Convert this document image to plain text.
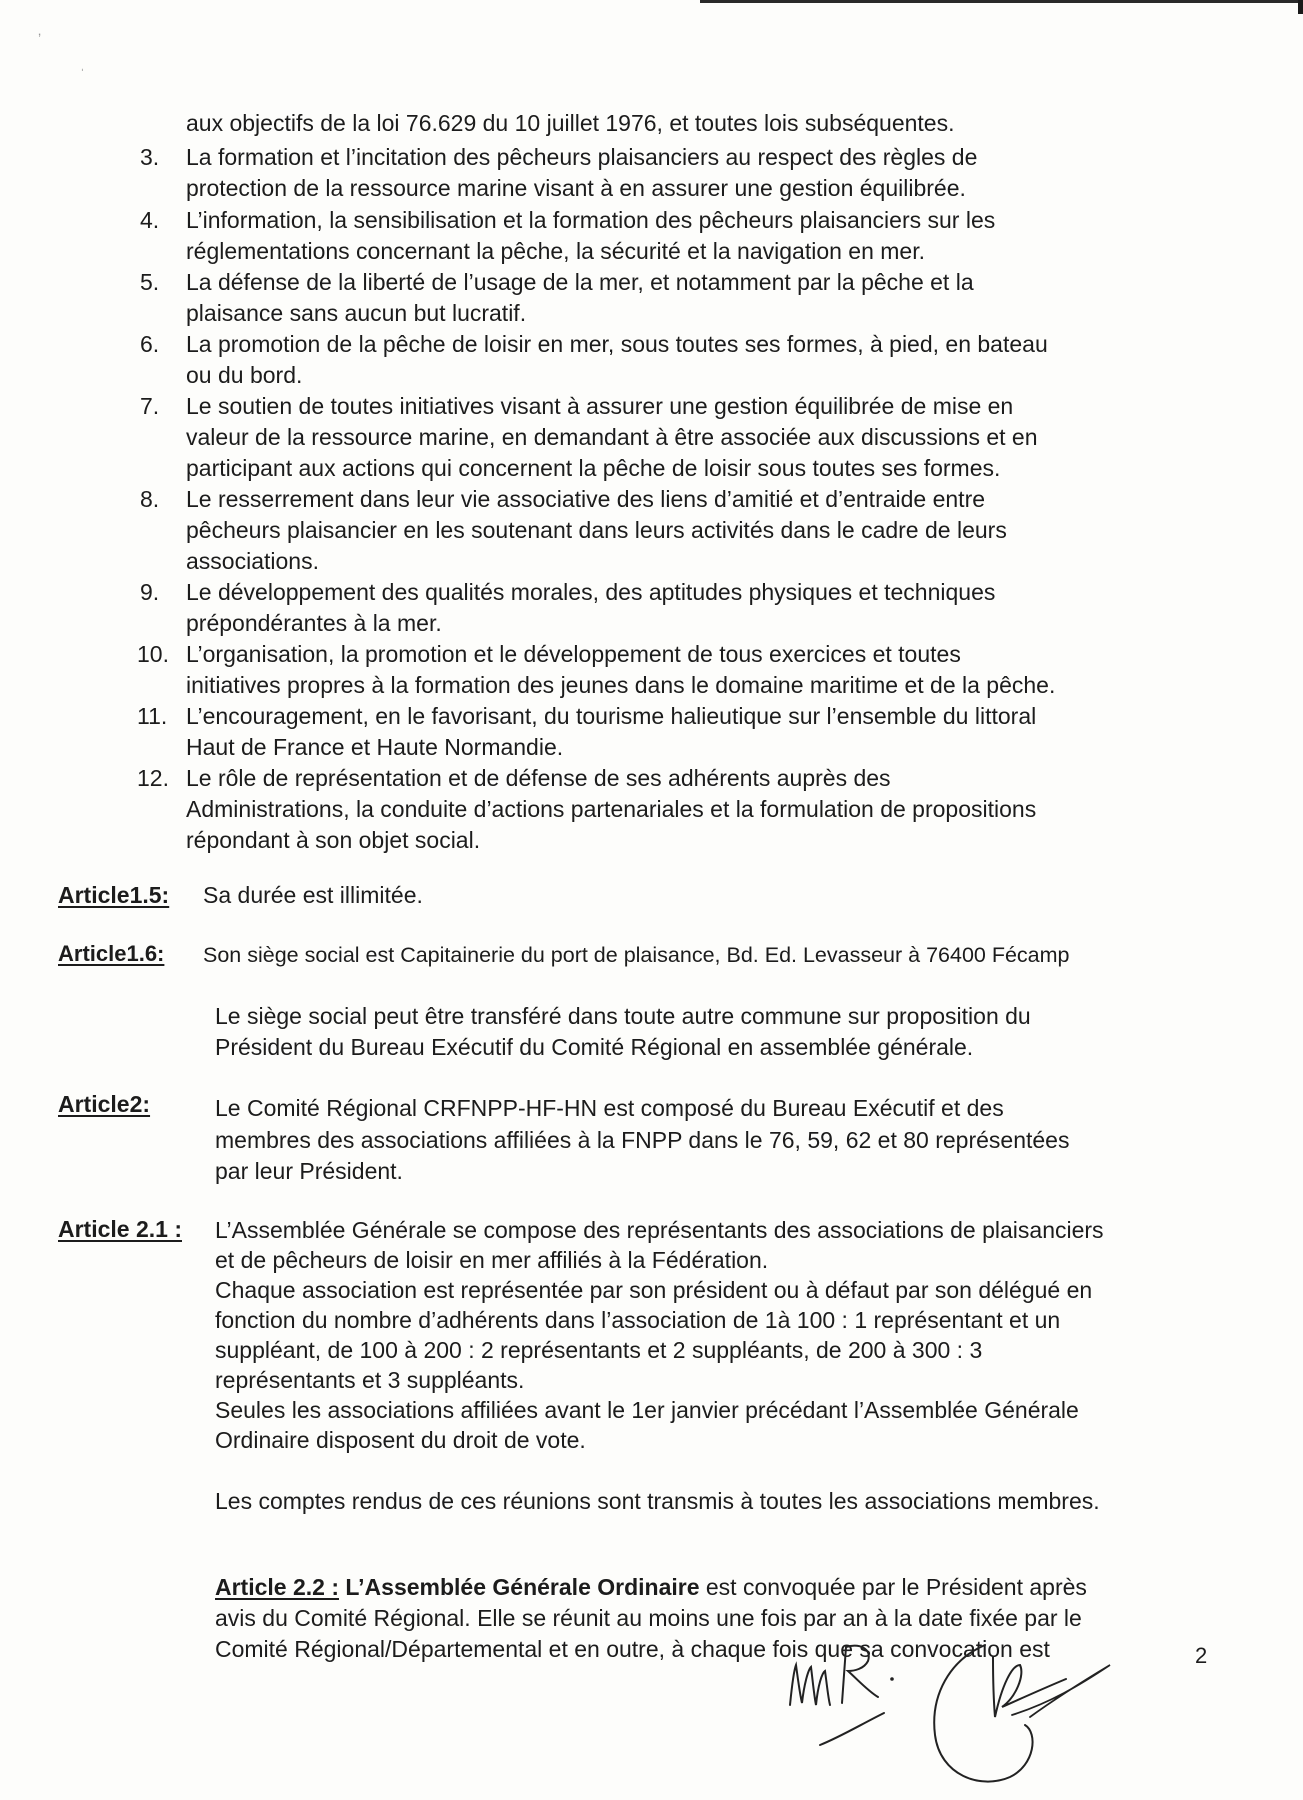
‚
ˈ
aux objectifs de la loi 76.629 du 10 juillet 1976, et toutes lois subséquentes.
3. La formation et l’incitation des pêcheurs plaisanciers au respect des règles de
protection de la ressource marine visant à en assurer une gestion équilibrée.
4. L’information, la sensibilisation et la formation des pêcheurs plaisanciers sur les
réglementations concernant la pêche, la sécurité et la navigation en mer.
5. La défense de la liberté de l’usage de la mer, et notamment par la pêche et la
plaisance sans aucun but lucratif.
6. La promotion de la pêche de loisir en mer, sous toutes ses formes, à pied, en bateau
ou du bord.
7. Le soutien de toutes initiatives visant à assurer une gestion équilibrée de mise en
valeur de la ressource marine, en demandant à être associée aux discussions et en
participant aux actions qui concernent la pêche de loisir sous toutes ses formes.
8. Le resserrement dans leur vie associative des liens d’amitié et d’entraide entre
pêcheurs plaisancier en les soutenant dans leurs activités dans le cadre de leurs
associations.
9. Le développement des qualités morales, des aptitudes physiques et techniques
prépondérantes à la mer.
10. L’organisation, la promotion et le développement de tous exercices et toutes
initiatives propres à la formation des jeunes dans le domaine maritime et de la pêche.
11. L’encouragement, en le favorisant, du tourisme halieutique sur l’ensemble du littoral
Haut de France et Haute Normandie.
12. Le rôle de représentation et de défense de ses adhérents auprès des
Administrations, la conduite d’actions partenariales et la formulation de propositions
répondant à son objet social.
Article1.5: Sa durée est illimitée.
Article1.6: Son siège social est Capitainerie du port de plaisance, Bd. Ed. Levasseur à 76400 Fécamp
Le siège social peut être transféré dans toute autre commune sur proposition du
Président du Bureau Exécutif du Comité Régional en assemblée générale.
Article2:	Le Comité Régional CRFNPP-HF-HN est composé du Bureau Exécutif et des
membres des associations affiliées à la FNPP dans le 76, 59, 62 et 80 représentées
par leur Président.
Article 2.1 : L’Assemblée Générale se compose des représentants des associations de plaisanciers
et de pêcheurs de loisir en mer affiliés à la Fédération.
Chaque association est représentée par son président ou à défaut par son délégué en
fonction du nombre d’adhérents dans l’association de 1à 100 : 1 représentant et un
suppléant, de 100 à 200 : 2 représentants et 2 suppléants, de 200 à 300 : 3
représentants et 3 suppléants.
Seules les associations affiliées avant le 1er janvier précédant l’Assemblée Générale
Ordinaire disposent du droit de vote.
Les comptes rendus de ces réunions sont transmis à toutes les associations membres.
Article 2.2 : L’Assemblée Générale Ordinaire est convoquée par le Président après
avis du Comité Régional. Elle se réunit au moins une fois par an à la date fixée par le
Comité Régional/Départemental et en outre, à chaque fois que sa convocation est	2
